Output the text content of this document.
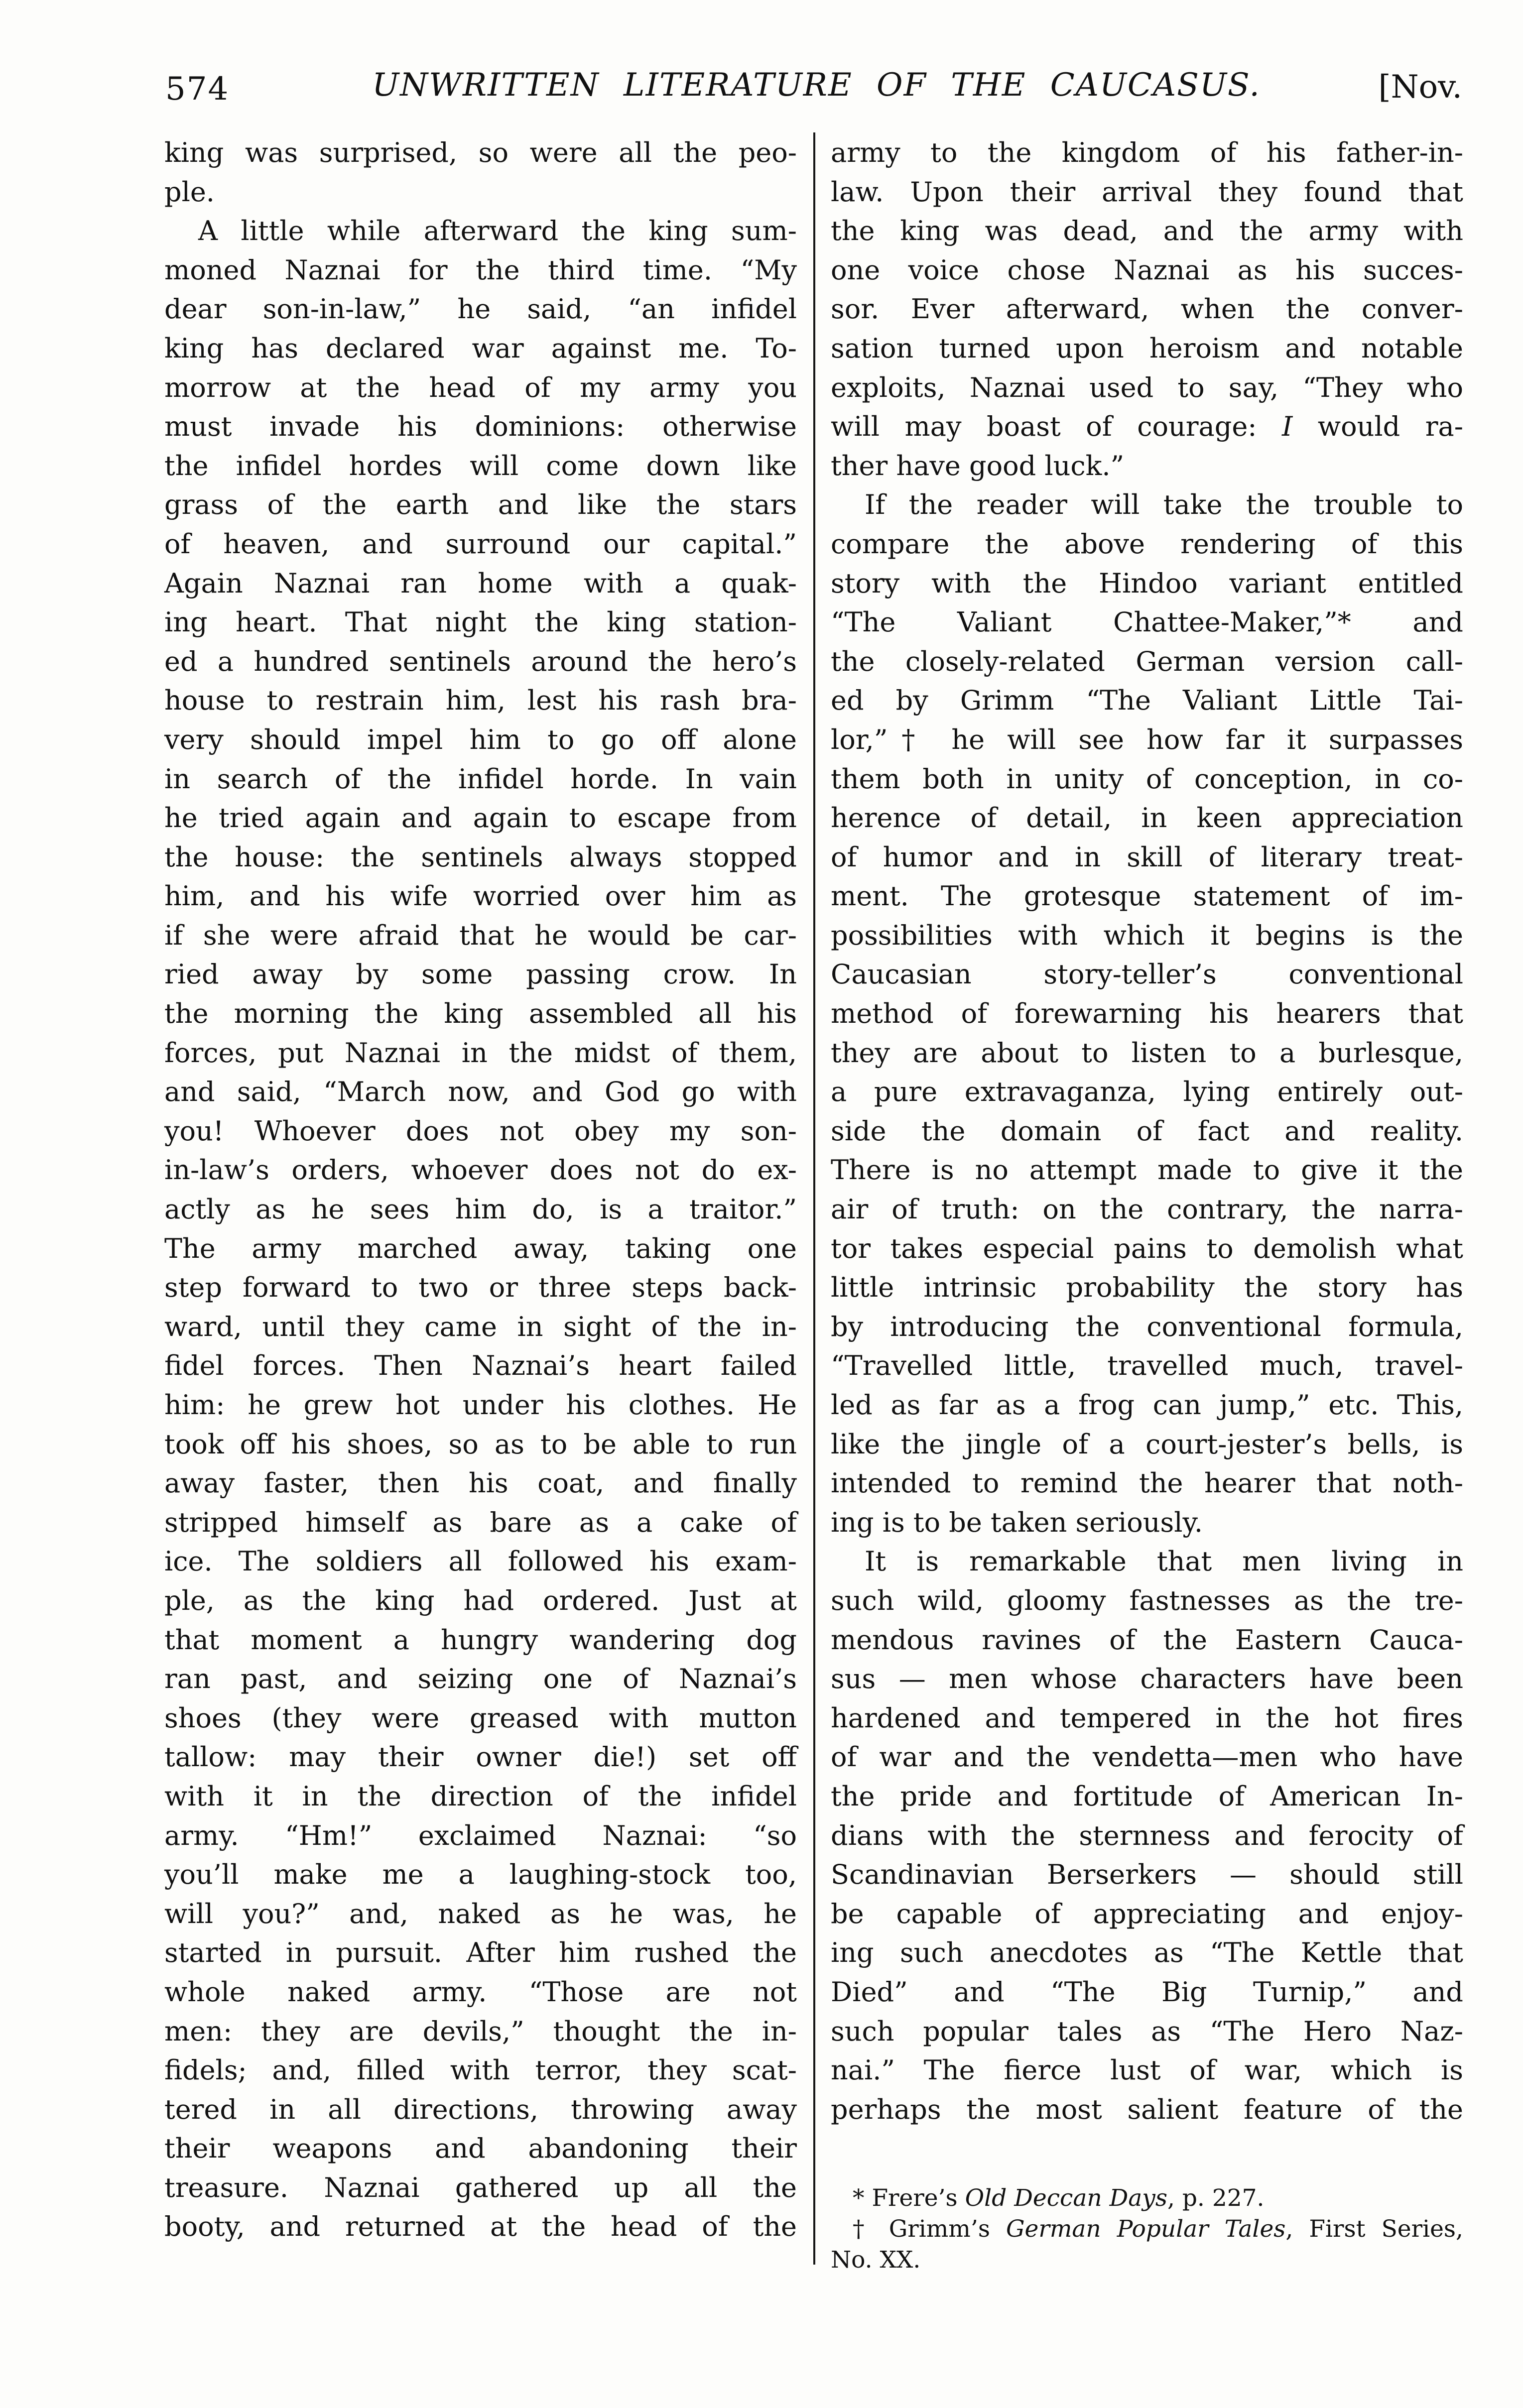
574	UNWRITTEN LITERATURE OF THE CAUCASUS.	[Nov.
king was surprised, so were all the peo-
ple.
A little while afterward the king sum-
moned Naznai for the third time. “My
dear son-in-law,” he said, “an infidel
king has declared war against me. To-
morrow at the head of my army you
must invade his dominions: otherwise
the infidel hordes will come down like
grass of the earth and like the stars
of heaven, and surround our capital.”
Again Naznai ran home with a quak-
ing heart. That night the king station-
ed a hundred sentinels around the hero’s
house to restrain him, lest his rash bra-
very should impel him to go off alone
in search of the infidel horde. In vain
he tried again and again to escape from
the house: the sentinels always stopped
him, and his wife worried over him as
if she were afraid that he would be car-
ried away by some passing crow. In
the morning the king assembled all his
forces, put Naznai in the midst of them,
and said, “March now, and God go with
you! Whoever does not obey my son-
in-law’s orders, whoever does not do ex-
actly as he sees him do, is a traitor.”
The army marched away, taking one
step forward to two or three steps back-
ward, until they came in sight of the in-
fidel forces. Then Naznai’s heart failed
him: he grew hot under his clothes. He
took off his shoes, so as to be able to run
away faster, then his coat, and finally
stripped himself as bare as a cake of
ice. The soldiers all followed his exam-
ple, as the king had ordered. Just at
that moment a hungry wandering dog
ran past, and seizing one of Naznai’s
shoes (they were greased with mutton
tallow: may their owner die!) set off
with it in the direction of the infidel
army. “Hm!” exclaimed Naznai: “so
you’ll make me a laughing-stock too,
will you?” and, naked as he was, he
started in pursuit. After him rushed the
whole naked army. “Those are not
men: they are devils,” thought the in-
fidels; and, filled with terror, they scat-
tered in all directions, throwing away
their weapons and abandoning their
treasure. Naznai gathered up all the
booty, and returned at the head of the
army to the kingdom of his father-in-
law. Upon their arrival they found that
the king was dead, and the army with
one voice chose Naznai as his succes-
sor. Ever afterward, when the conver-
sation turned upon heroism and notable
exploits, Naznai used to say, “They who
will may boast of courage: I would ra-
ther have good luck.”
If the reader will take the trouble to
compare the above rendering of this
story with the Hindoo variant entitled
“The Valiant Chattee-Maker,”* and
the closely-related German version call-
ed by Grimm “The Valiant Little Tai-
lor,”† he will see how far it surpasses
them both in unity of conception, in co-
herence of detail, in keen appreciation
of humor and in skill of literary treat-
ment. The grotesque statement of im-
possibilities with which it begins is the
Caucasian story-teller’s conventional
method of forewarning his hearers that
they are about to listen to a burlesque,
a pure extravaganza, lying entirely out-
side the domain of fact and reality.
There is no attempt made to give it the
air of truth: on the contrary, the narra-
tor takes especial pains to demolish what
little intrinsic probability the story has
by introducing the conventional formula,
“Travelled little, travelled much, travel-
led as far as a frog can jump,” etc. This,
like the jingle of a court-jester’s bells, is
intended to remind the hearer that noth-
ing is to be taken seriously.
It is remarkable that men living in
such wild, gloomy fastnesses as the tre-
mendous ravines of the Eastern Cauca-
sus — men whose characters have been
hardened and tempered in the hot fires
of war and the vendetta—men who have
the pride and fortitude of American In-
dians with the sternness and ferocity of
Scandinavian Berserkers — should still
be capable of appreciating and enjoy-
ing such anecdotes as “The Kettle that
Died” and “The Big Turnip,” and
such popular tales as “The Hero Naz-
nai.” The fierce lust of war, which is
perhaps the most salient feature of the
* Frere’s Old Deccan Days, p. 227.
† Grimm’s German Popular Tales, First Series,
No. XX.
